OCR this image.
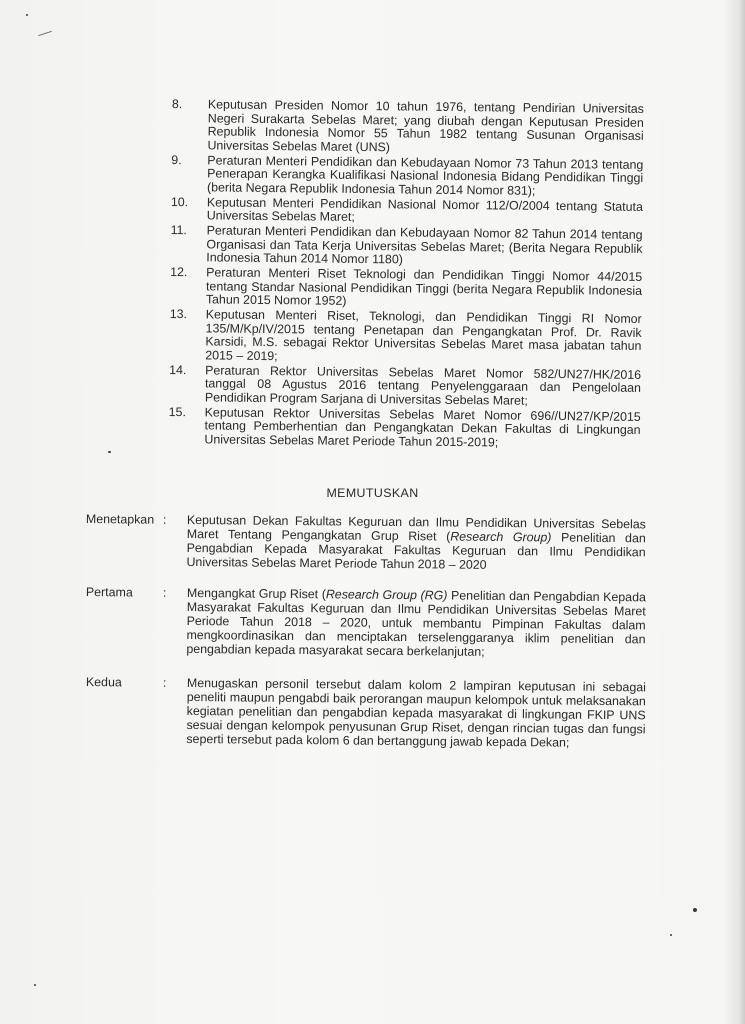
8.	Keputusan Presiden Nomor 10 tahun 1976, tentang Pendirian Universitas Negeri Surakarta Sebelas Maret; yang diubah dengan Keputusan Presiden Republik Indonesia Nomor 55 Tahun 1982 tentang Susunan Organisasi Universitas Sebelas Maret (UNS)
9.	Peraturan Menteri Pendidikan dan Kebudayaan Nomor 73 Tahun 2013 tentang Penerapan Kerangka Kualifikasi Nasional Indonesia Bidang Pendidikan Tinggi (berita Negara Republik Indonesia Tahun 2014 Nomor 831);
10.	Keputusan Menteri Pendidikan Nasional Nomor 112/O/2004 tentang Statuta Universitas Sebelas Maret;
11.	Peraturan Menteri Pendidikan dan Kebudayaan Nomor 82 Tahun 2014 tentang Organisasi dan Tata Kerja Universitas Sebelas Maret; (Berita Negara Republik Indonesia Tahun 2014 Nomor 1180)
12.	Peraturan Menteri Riset Teknologi dan Pendidikan Tinggi Nomor 44/2015 tentang Standar Nasional Pendidikan Tinggi (berita Negara Republik Indonesia Tahun 2015 Nomor 1952)
13.	Keputusan Menteri Riset, Teknologi, dan Pendidikan Tinggi RI Nomor 135/M/Kp/IV/2015 tentang Penetapan dan Pengangkatan Prof. Dr. Ravik Karsidi, M.S. sebagai Rektor Universitas Sebelas Maret masa jabatan tahun 2015 – 2019;
14.	Peraturan Rektor Universitas Sebelas Maret Nomor 582/UN27/HK/2016 tanggal 08 Agustus 2016 tentang Penyelenggaraan dan Pengelolaan Pendidikan Program Sarjana di Universitas Sebelas Maret;
15.	Keputusan Rektor Universitas Sebelas Maret Nomor 696//UN27/KP/2015 tentang Pemberhentian dan Pengangkatan Dekan Fakultas di Lingkungan Universitas Sebelas Maret Periode Tahun 2015-2019;
MEMUTUSKAN
Menetapkan :	Keputusan Dekan Fakultas Keguruan dan Ilmu Pendidikan Universitas Sebelas Maret Tentang Pengangkatan Grup Riset (Research Group) Penelitian dan Pengabdian Kepada Masyarakat Fakultas Keguruan dan Ilmu Pendidikan Universitas Sebelas Maret Periode Tahun 2018 – 2020
Pertama	:	Mengangkat Grup Riset (Research Group (RG) Penelitian dan Pengabdian Kepada Masyarakat Fakultas Keguruan dan Ilmu Pendidikan Universitas Sebelas Maret Periode Tahun 2018 – 2020, untuk membantu Pimpinan Fakultas dalam mengkoordinasikan dan menciptakan terselenggaranya iklim penelitian dan pengabdian kepada masyarakat secara berkelanjutan;
Kedua	:	Menugaskan personil tersebut dalam kolom 2 lampiran keputusan ini sebagai peneliti maupun pengabdi baik perorangan maupun kelompok untuk melaksanakan kegiatan penelitian dan pengabdian kepada masyarakat di lingkungan FKIP UNS sesuai dengan kelompok penyusunan Grup Riset, dengan rincian tugas dan fungsi seperti tersebut pada kolom 6 dan bertanggung jawab kepada Dekan;
